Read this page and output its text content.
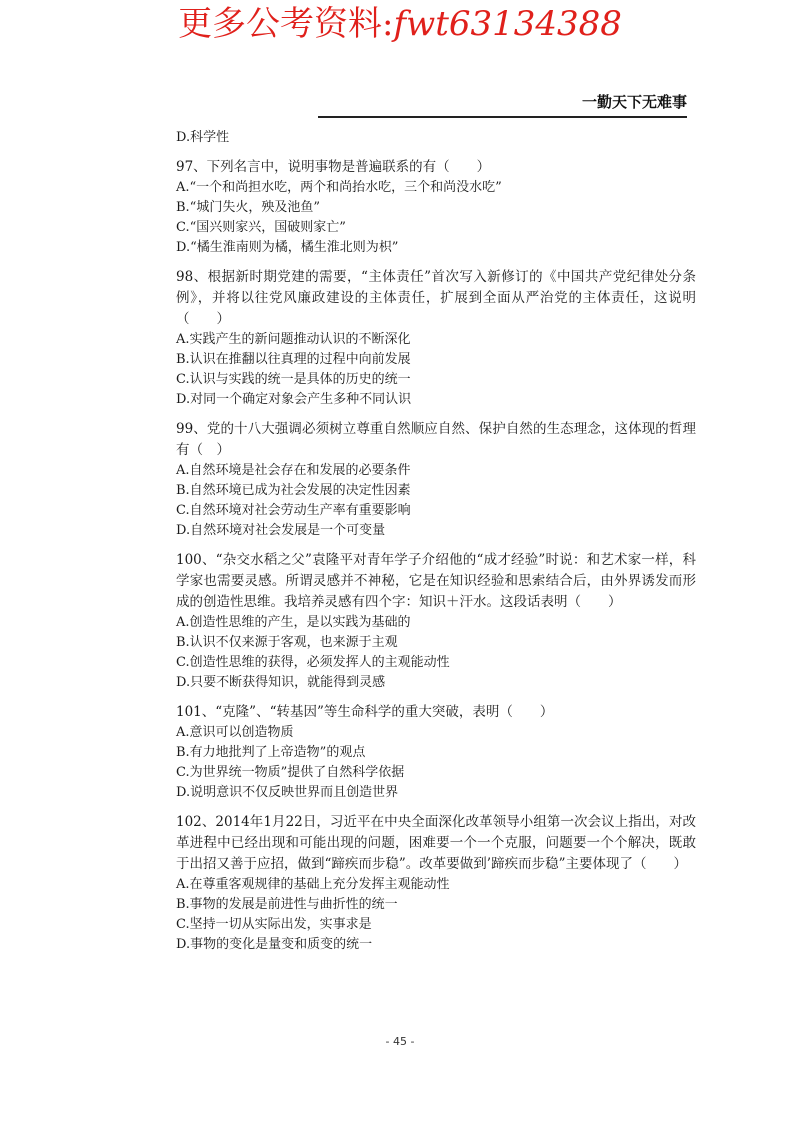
更多公考资料:fwt63134388
一勤天下无难事
D.科学性
97、下列名言中，说明事物是普遍联系的有（　　）
A.“一个和尚担水吃，两个和尚抬水吃，三个和尚没水吃”
B.“城门失火，殃及池鱼”
C.“国兴则家兴，国破则家亡”
D.“橘生淮南则为橘，橘生淮北则为枳”
98、根据新时期党建的需要，“主体责任”首次写入新修订的《中国共产党纪律处分条例》，并将以往党风廉政建设的主体责任，扩展到全面从严治党的主体责任，这说明（　　）
A.实践产生的新问题推动认识的不断深化
B.认识在推翻以往真理的过程中向前发展
C.认识与实践的统一是具体的历史的统一
D.对同一个确定对象会产生多种不同认识
99、党的十八大强调必须树立尊重自然顺应自然、保护自然的生态理念，这体现的哲理有（　）
A.自然环境是社会存在和发展的必要条件
B.自然环境已成为社会发展的决定性因素
C.自然环境对社会劳动生产率有重要影响
D.自然环境对社会发展是一个可变量
100、“杂交水稻之父”袁隆平对青年学子介绍他的“成才经验”时说：和艺术家一样，科学家也需要灵感。所谓灵感并不神秘，它是在知识经验和思索结合后，由外界诱发而形成的创造性思维。我培养灵感有四个字：知识＋汗水。这段话表明（　　）
A.创造性思维的产生，是以实践为基础的
B.认识不仅来源于客观，也来源于主观
C.创造性思维的获得，必须发挥人的主观能动性
D.只要不断获得知识，就能得到灵感
101、“克隆”、“转基因”等生命科学的重大突破，表明（　　）
A.意识可以创造物质
B.有力地批判了上帝造物”的观点
C.为世界统一物质”提供了自然科学依据
D.说明意识不仅反映世界而且创造世界
102、2014年1月22日，习近平在中央全面深化改革领导小组第一次会议上指出，对改革进程中已经出现和可能出现的问题，困难要一个一个克服，问题要一个个解决，既敢于出招又善于应招，做到“蹄疾而步稳”。改革要做到’蹄疾而步稳”主要体现了（　　）
A.在尊重客观规律的基础上充分发挥主观能动性
B.事物的发展是前进性与曲折性的统一
C.坚持一切从实际出发，实事求是
D.事物的变化是量变和质变的统一
- 45 -
